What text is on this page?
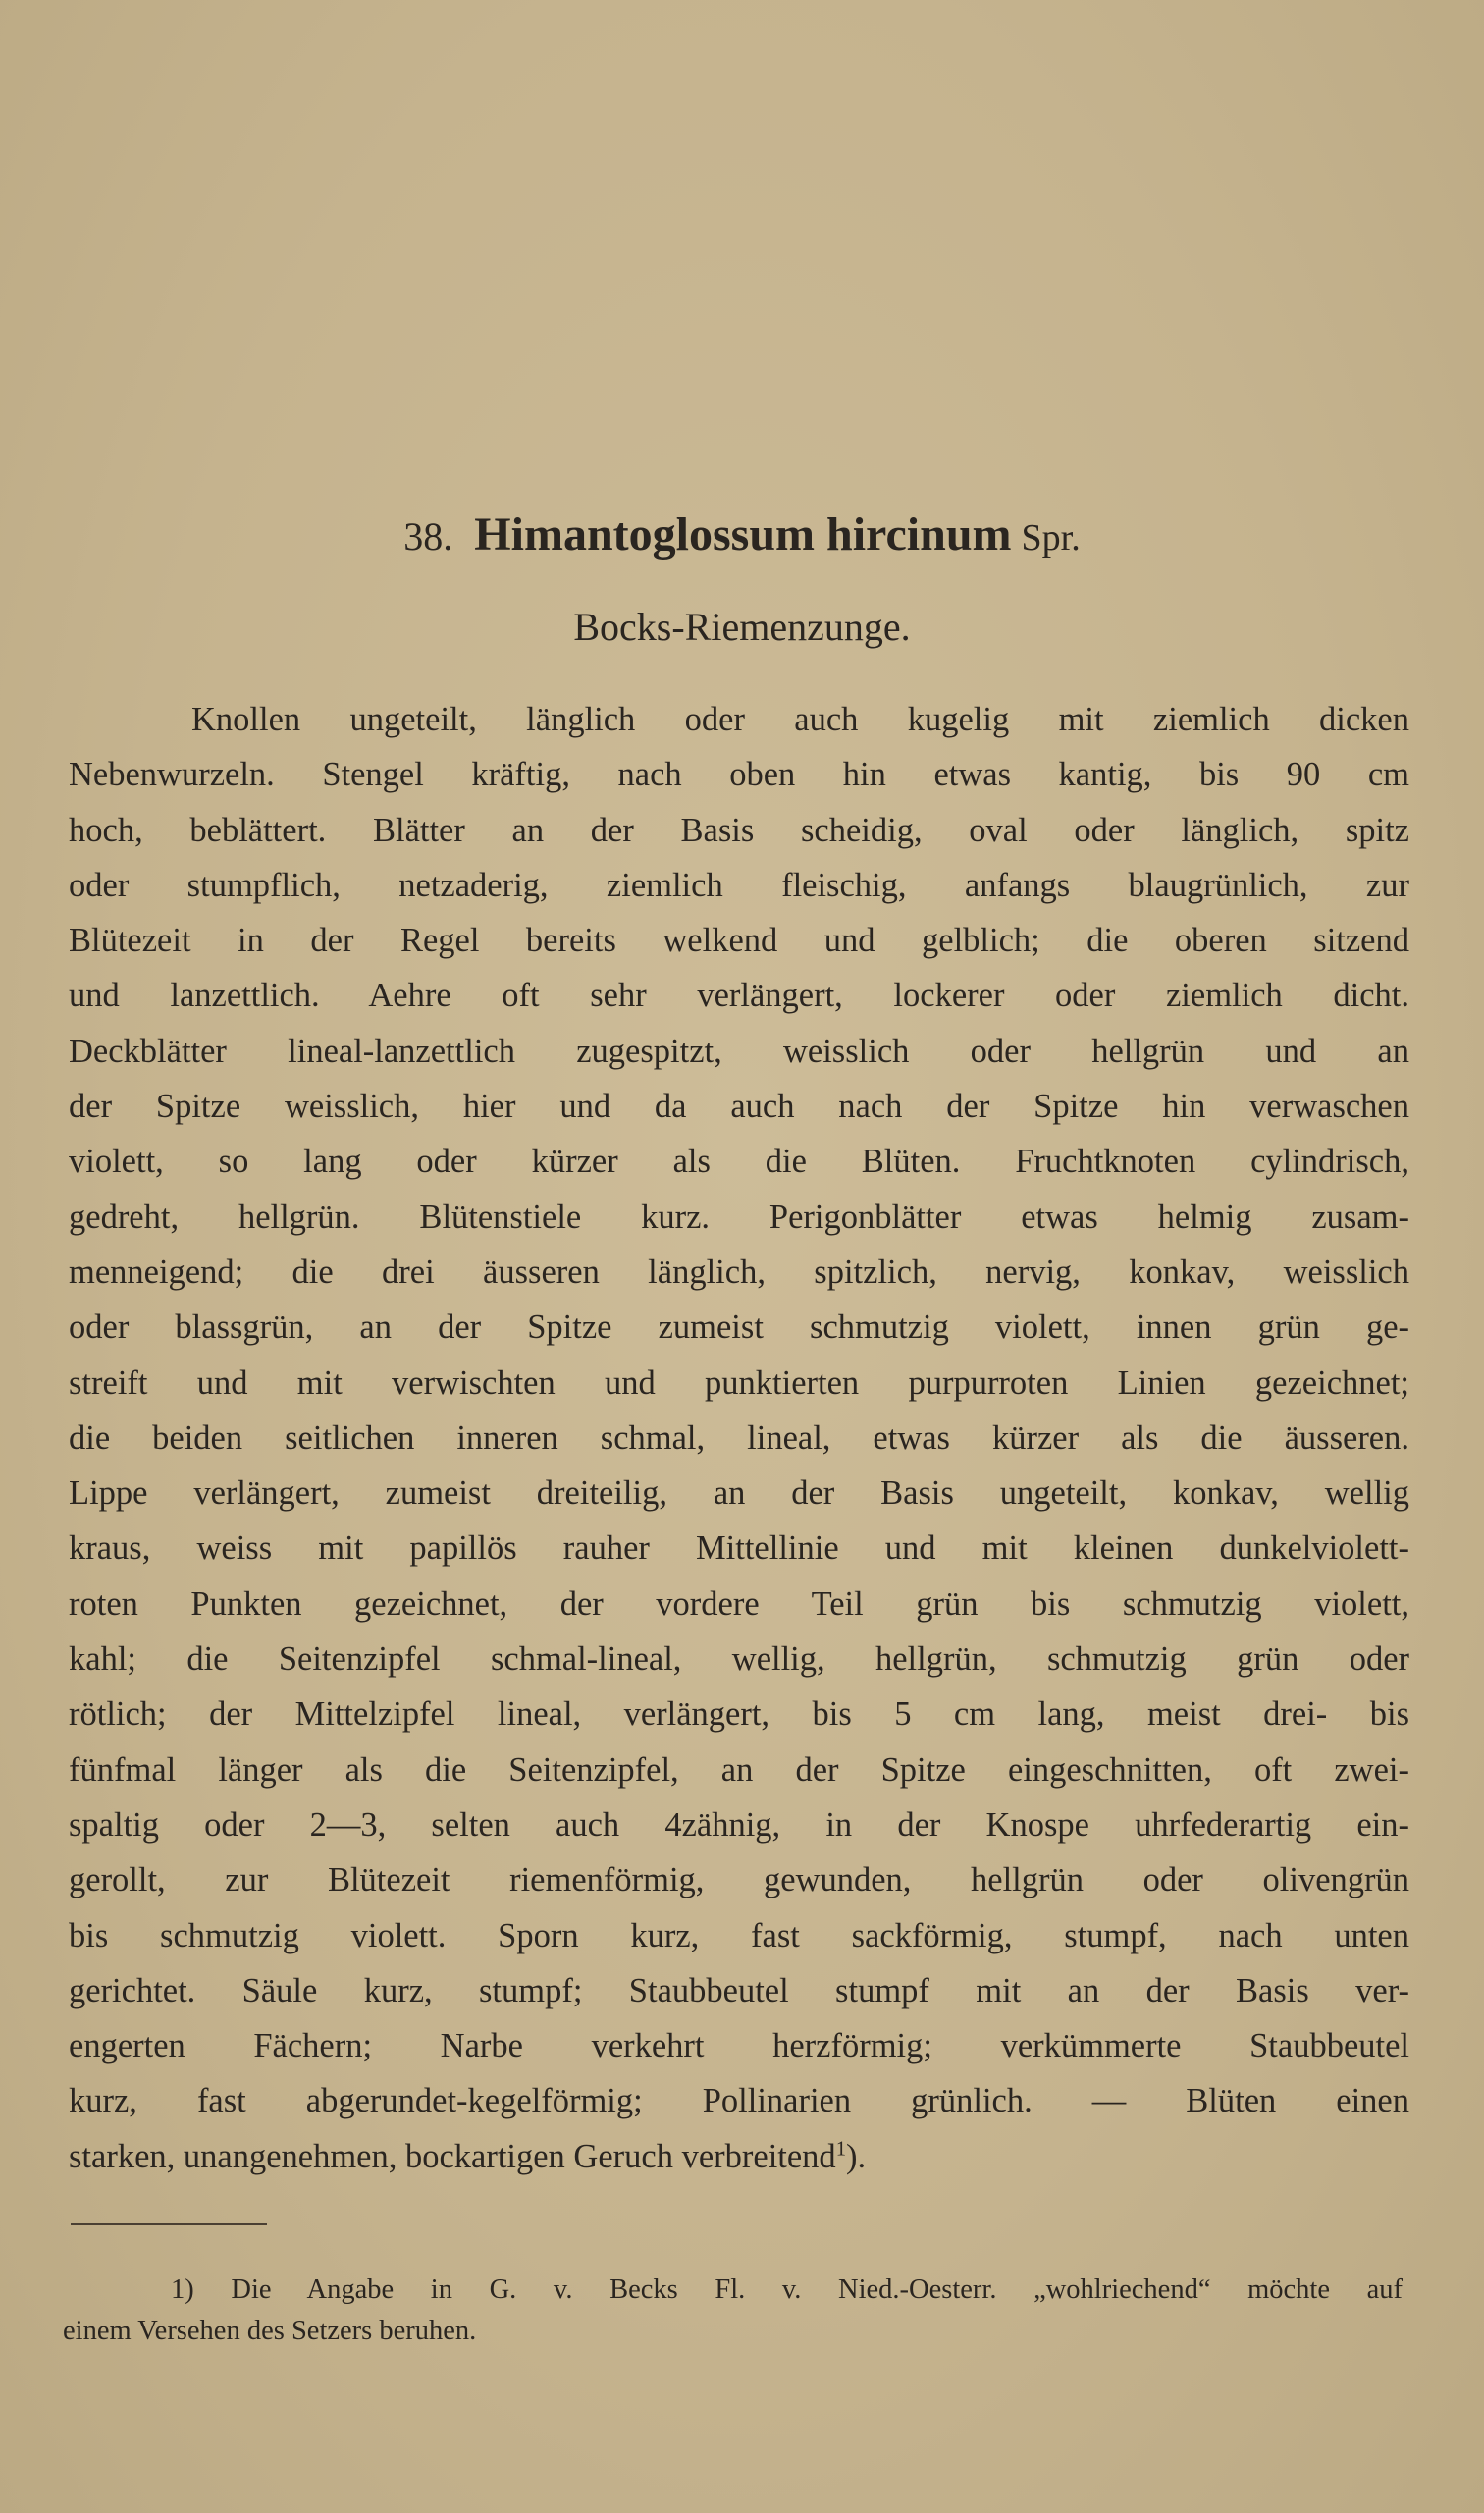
38. Himantoglossum hircinum Spr.
Bocks-Riemenzunge.
Knollen ungeteilt, länglich oder auch kugelig mit ziemlich dicken
Nebenwurzeln. Stengel kräftig, nach oben hin etwas kantig, bis 90 cm
hoch, beblättert. Blätter an der Basis scheidig, oval oder länglich, spitz
oder stumpflich, netzaderig, ziemlich fleischig, anfangs blaugrünlich, zur
Blütezeit in der Regel bereits welkend und gelblich; die oberen sitzend
und lanzettlich. Aehre oft sehr verlängert, lockerer oder ziemlich dicht.
Deckblätter lineal-lanzettlich zugespitzt, weisslich oder hellgrün und an
der Spitze weisslich, hier und da auch nach der Spitze hin verwaschen
violett, so lang oder kürzer als die Blüten. Fruchtknoten cylindrisch,
gedreht, hellgrün. Blütenstiele kurz. Perigonblätter etwas helmig zusam-
menneigend; die drei äusseren länglich, spitzlich, nervig, konkav, weisslich
oder blassgrün, an der Spitze zumeist schmutzig violett, innen grün ge-
streift und mit verwischten und punktierten purpurroten Linien gezeichnet;
die beiden seitlichen inneren schmal, lineal, etwas kürzer als die äusseren.
Lippe verlängert, zumeist dreiteilig, an der Basis ungeteilt, konkav, wellig
kraus, weiss mit papillös rauher Mittellinie und mit kleinen dunkelviolett-
roten Punkten gezeichnet, der vordere Teil grün bis schmutzig violett,
kahl; die Seitenzipfel schmal-lineal, wellig, hellgrün, schmutzig grün oder
rötlich; der Mittelzipfel lineal, verlängert, bis 5 cm lang, meist drei- bis
fünfmal länger als die Seitenzipfel, an der Spitze eingeschnitten, oft zwei-
spaltig oder 2—3, selten auch 4zähnig, in der Knospe uhrfederartig ein-
gerollt, zur Blütezeit riemenförmig, gewunden, hellgrün oder olivengrün
bis schmutzig violett. Sporn kurz, fast sackförmig, stumpf, nach unten
gerichtet. Säule kurz, stumpf; Staubbeutel stumpf mit an der Basis ver-
engerten Fächern; Narbe verkehrt herzförmig; verkümmerte Staubbeutel
kurz, fast abgerundet-kegelförmig; Pollinarien grünlich. — Blüten einen
starken, unangenehmen, bockartigen Geruch verbreitend$^1$).
1) Die Angabe in G. v. Becks Fl. v. Nied.-Oesterr. „wohlriechend“ möchte auf
einem Versehen des Setzers beruhen.
